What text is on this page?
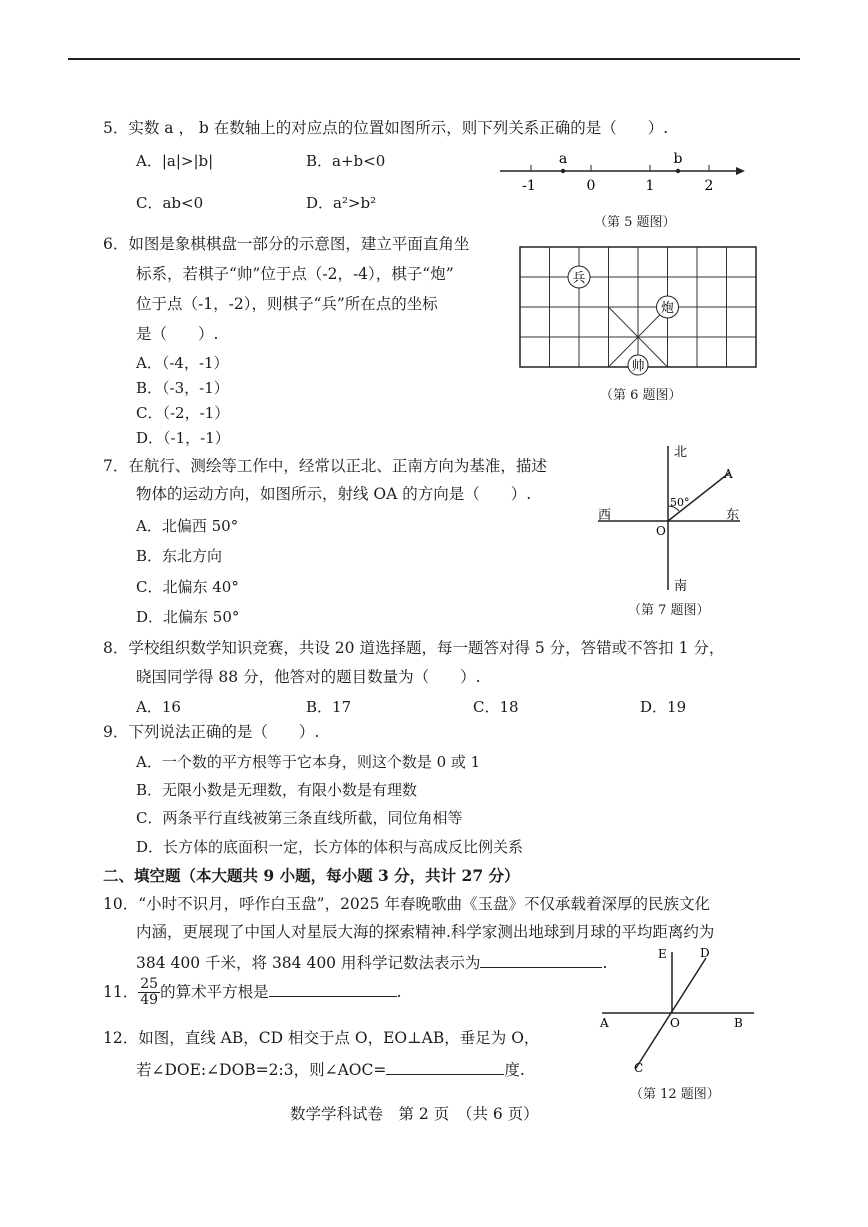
5．实数 a ， b 在数轴上的对应点的位置如图所示，则下列关系正确的是（　　）.
A．|a|>|b|	B．a+b<0
C．ab<0	D．a²>b²
a	b
-1	0	1	2
（第 5 题图）
6．如图是象棋棋盘一部分的示意图，建立平面直角坐
标系，若棋子“帅”位于点（-2，-4），棋子“炮”
位于点（-1，-2），则棋子“兵”所在点的坐标
是（　　）.
A．（-4，-1）
B．（-3，-1）
C．（-2，-1）
D．（-1，-1）
兵
炮
帅
（第 6 题图）
7．在航行、测绘等工作中，经常以正北、正南方向为基准，描述
物体的运动方向，如图所示，射线 OA 的方向是（　　）.
A．北偏西 50°
B．东北方向
C．北偏东 40°
D．北偏东 50°
北
南
东
西
O
A
50°
（第 7 题图）
8．学校组织数学知识竞赛，共设 20 道选择题，每一题答对得 5 分，答错或不答扣 1 分，
晓国同学得 88 分，他答对的题目数量为（　　）.
A．16	B．17	C．18	D．19
9．下列说法正确的是（　　）.
A．一个数的平方根等于它本身，则这个数是 0 或 1
B．无限小数是无理数，有限小数是有理数
C．两条平行直线被第三条直线所截，同位角相等
D．长方体的底面积一定，长方体的体积与高成反比例关系
二、填空题（本大题共 9 小题，每小题 3 分，共计 27 分）
10．“小时不识月，呼作白玉盘”，2025 年春晚歌曲《玉盘》不仅承载着深厚的民族文化
内涵，更展现了中国人对星辰大海的探索精神.科学家测出地球到月球的平均距离约为
384 400 千米，将 384 400 用科学记数法表示为	.
11． $\frac{25}{49}$ 的算术平方根是	.
12．如图，直线 AB，CD 相交于点 O，EO⊥AB，垂足为 O，
若∠DOE:∠DOB=2:3，则∠AOC=	度.
E	D
A	O	B
C
（第 12 题图）
数学学科试卷　第 2 页　（共 6 页）
